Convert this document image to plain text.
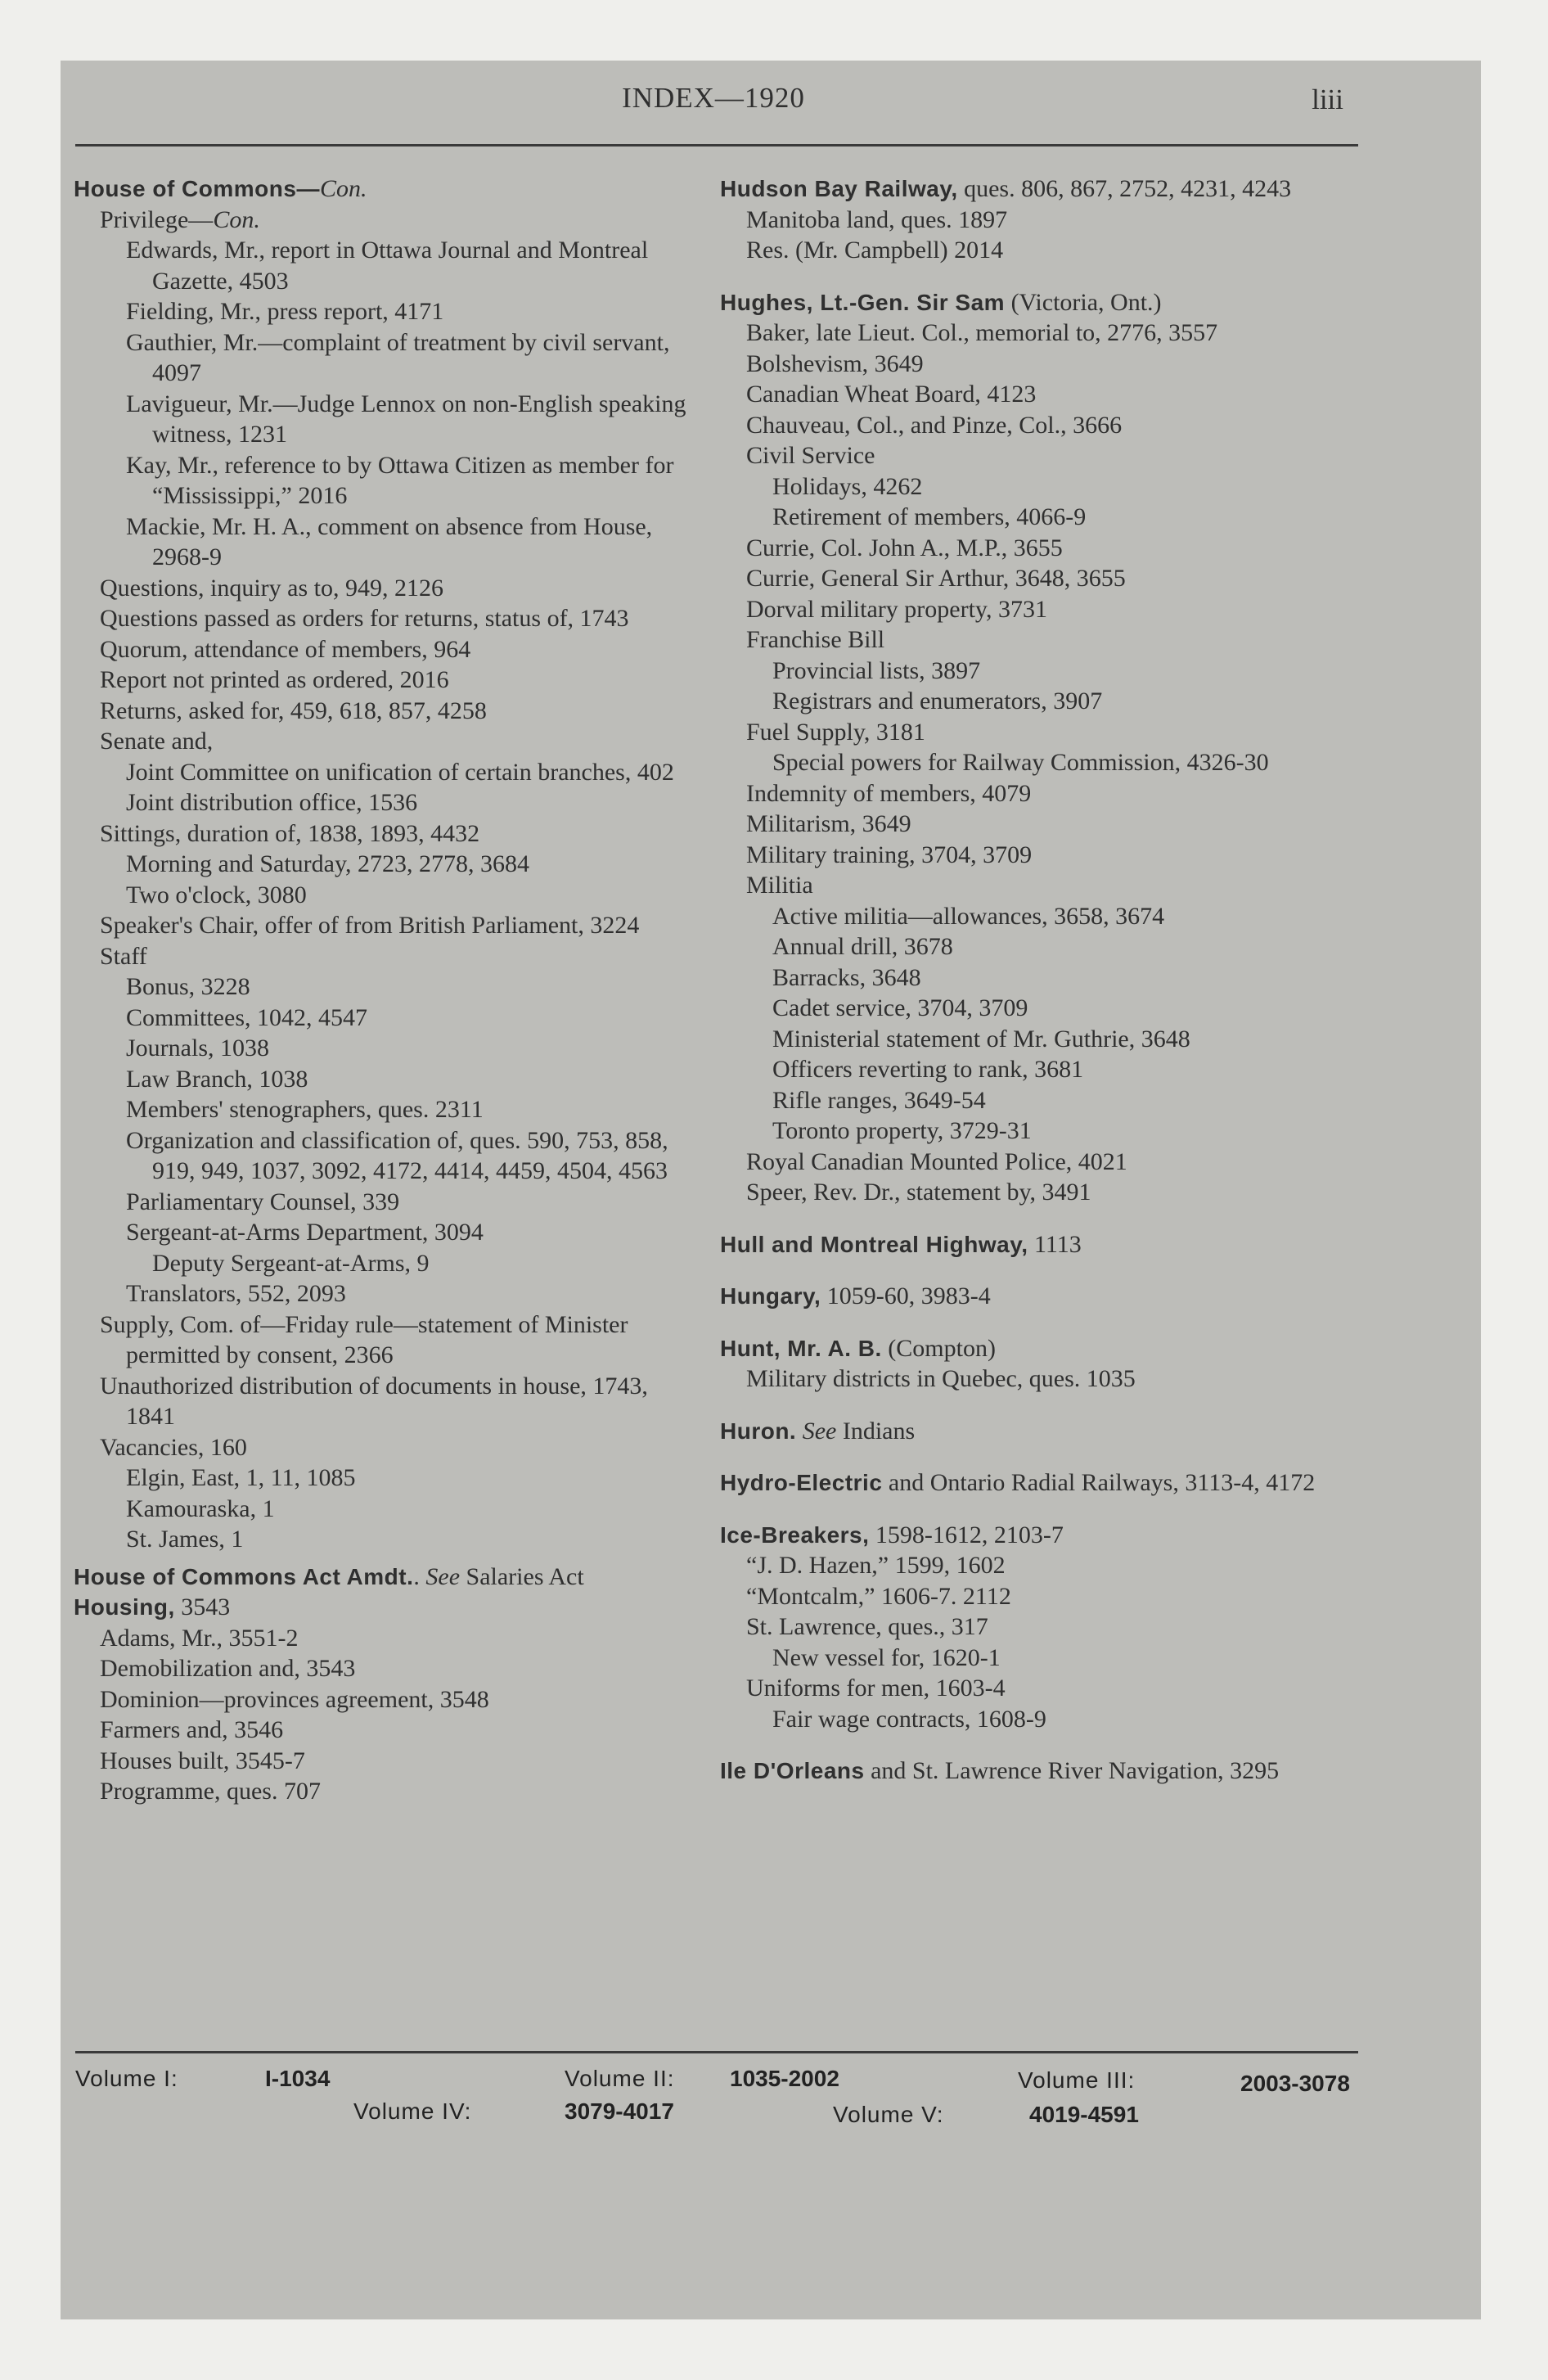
INDEX—1920	liii

House of Commons—Con.

Privilege—Con.

Edwards, Mr., report in Ottawa Journal and Montreal Gazette, 4503

Fielding, Mr., press report, 4171

Gauthier, Mr.—complaint of treatment by civil servant, 4097

Lavigueur, Mr.—Judge Lennox on non-English speaking witness, 1231

Kay, Mr., reference to by Ottawa Citizen as member for “Mississippi,” 2016

Mackie, Mr. H. A., comment on absence from House, 2968-9

Questions, inquiry as to, 949, 2126

Questions passed as orders for returns, status of, 1743

Quorum, attendance of members, 964

Report not printed as ordered, 2016

Returns, asked for, 459, 618, 857, 4258

Senate and,

Joint Committee on unification of certain branches, 402

Joint distribution office, 1536

Sittings, duration of, 1838, 1893, 4432

Morning and Saturday, 2723, 2778, 3684

Two o'clock, 3080

Speaker's Chair, offer of from British Parliament, 3224

Staff

Bonus, 3228

Committees, 1042, 4547

Journals, 1038

Law Branch, 1038

Members' stenographers, ques. 2311

Organization and classification of, ques. 590, 753, 858, 919, 949, 1037, 3092, 4172, 4414, 4459, 4504, 4563

Parliamentary Counsel, 339

Sergeant-at-Arms Department, 3094

Deputy Sergeant-at-Arms, 9

Translators, 552, 2093

Supply, Com. of—Friday rule—statement of Minister permitted by consent, 2366

Unauthorized distribution of documents in house, 1743, 1841

Vacancies, 160

Elgin, East, 1, 11, 1085

Kamouraska, 1

St. James, 1

House of Commons Act Amdt.. See Salaries Act

Housing, 3543

Adams, Mr., 3551-2

Demobilization and, 3543

Dominion—provinces agreement, 3548

Farmers and, 3546

Houses built, 3545-7

Programme, ques. 707

Hudson Bay Railway, ques. 806, 867, 2752, 4231, 4243

Manitoba land, ques. 1897

Res. (Mr. Campbell) 2014

Hughes, Lt.-Gen. Sir Sam (Victoria, Ont.)

Baker, late Lieut. Col., memorial to, 2776, 3557

Bolshevism, 3649

Canadian Wheat Board, 4123

Chauveau, Col., and Pinze, Col., 3666

Civil Service

Holidays, 4262

Retirement of members, 4066-9

Currie, Col. John A., M.P., 3655

Currie, General Sir Arthur, 3648, 3655

Dorval military property, 3731

Franchise Bill

Provincial lists, 3897

Registrars and enumerators, 3907

Fuel Supply, 3181

Special powers for Railway Commission, 4326-30

Indemnity of members, 4079

Militarism, 3649

Military training, 3704, 3709

Militia

Active militia—allowances, 3658, 3674

Annual drill, 3678

Barracks, 3648

Cadet service, 3704, 3709

Ministerial statement of Mr. Guthrie, 3648

Officers reverting to rank, 3681

Rifle ranges, 3649-54

Toronto property, 3729-31

Royal Canadian Mounted Police, 4021

Speer, Rev. Dr., statement by, 3491

Hull and Montreal Highway, 1113

Hungary, 1059-60, 3983-4

Hunt, Mr. A. B. (Compton)

Military districts in Quebec, ques. 1035

Huron. See Indians

Hydro-Electric and Ontario Radial Railways, 3113-4, 4172

Ice-Breakers, 1598-1612, 2103-7

“J. D. Hazen,” 1599, 1602

“Montcalm,” 1606-7. 2112

St. Lawrence, ques., 317

New vessel for, 1620-1

Uniforms for men, 1603-4

Fair wage contracts, 1608-9

Ile D'Orleans and St. Lawrence River Navigation, 3295

Volume I:	I-1034	Volume II: 1035-2002	Volume III:	2003-3078
Volume IV:	3079-4017	Volume V:	4019-4591
